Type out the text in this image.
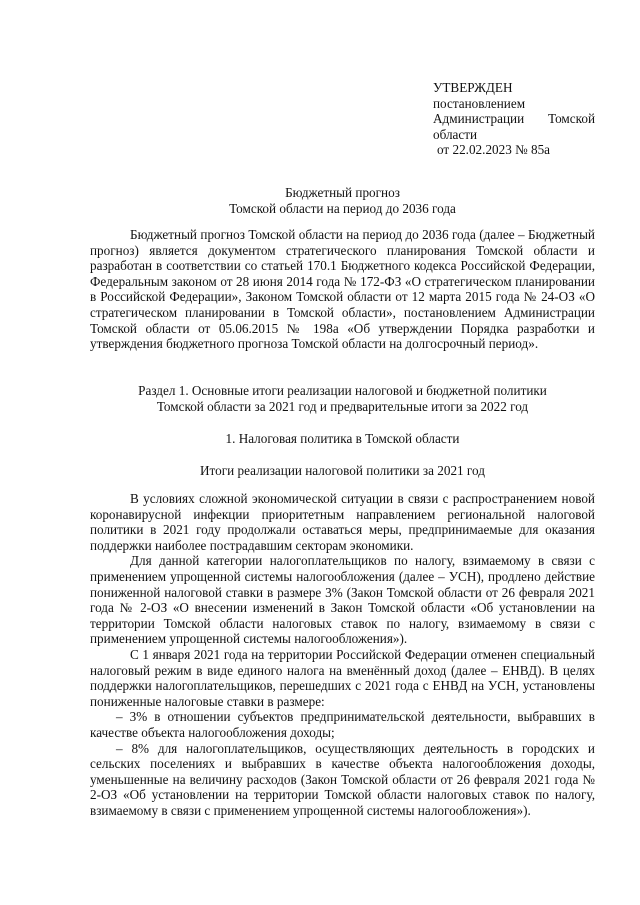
УТВЕРЖДЕН
постановлением
Администрации Томской
области
от 22.02.2023 № 85а
Бюджетный прогноз
Томской области на период до 2036 года

Бюджетный прогноз Томской области на период до 2036 года (далее – Бюджетный прогноз) является документом стратегического планирования Томской области и разработан в соответствии со статьей 170.1 Бюджетного кодекса Российской Федерации, Федеральным законом от 28 июня 2014 года № 172-ФЗ «О стратегическом планировании в Российской Федерации», Законом Томской области от 12 марта 2015 года № 24-ОЗ «О стратегическом планировании в Томской области», постановлением Администрации Томской области от 05.06.2015 № 198а «Об утверждении Порядка разработки и утверждения бюджетного прогноза Томской области на долгосрочный период».

Раздел 1. Основные итоги реализации налоговой и бюджетной политики
Томской области за 2021 год и предварительные итоги за 2022 год
1. Налоговая политика в Томской области
Итоги реализации налоговой политики за 2021 год

В условиях сложной экономической ситуации в связи с распространением новой коронавирусной инфекции приоритетным направлением региональной налоговой политики в 2021 году продолжали оставаться меры, предпринимаемые для оказания поддержки наиболее пострадавшим секторам экономики.

Для данной категории налогоплательщиков по налогу, взимаемому в связи с применением упрощенной системы налогообложения (далее – УСН), продлено действие пониженной налоговой ставки в размере 3% (Закон Томской области от 26 февраля 2021 года № 2-ОЗ «О внесении изменений в Закон Томской области «Об установлении на территории Томской области налоговых ставок по налогу, взимаемому в связи с применением упрощенной системы налогообложения»).

С 1 января 2021 года на территории Российской Федерации отменен специальный налоговый режим в виде единого налога на вменённый доход (далее – ЕНВД). В целях поддержки налогоплательщиков, перешедших с 2021 года с ЕНВД на УСН, установлены пониженные налоговые ставки в размере:

– 3% в отношении субъектов предпринимательской деятельности, выбравших в качестве объекта налогообложения доходы;

– 8% для налогоплательщиков, осуществляющих деятельность в городских и сельских поселениях и выбравших в качестве объекта налогообложения доходы, уменьшенные на величину расходов (Закон Томской области от 26 февраля 2021 года № 2-ОЗ «Об установлении на территории Томской области налоговых ставок по налогу, взимаемому в связи с применением упрощенной системы налогообложения»).
